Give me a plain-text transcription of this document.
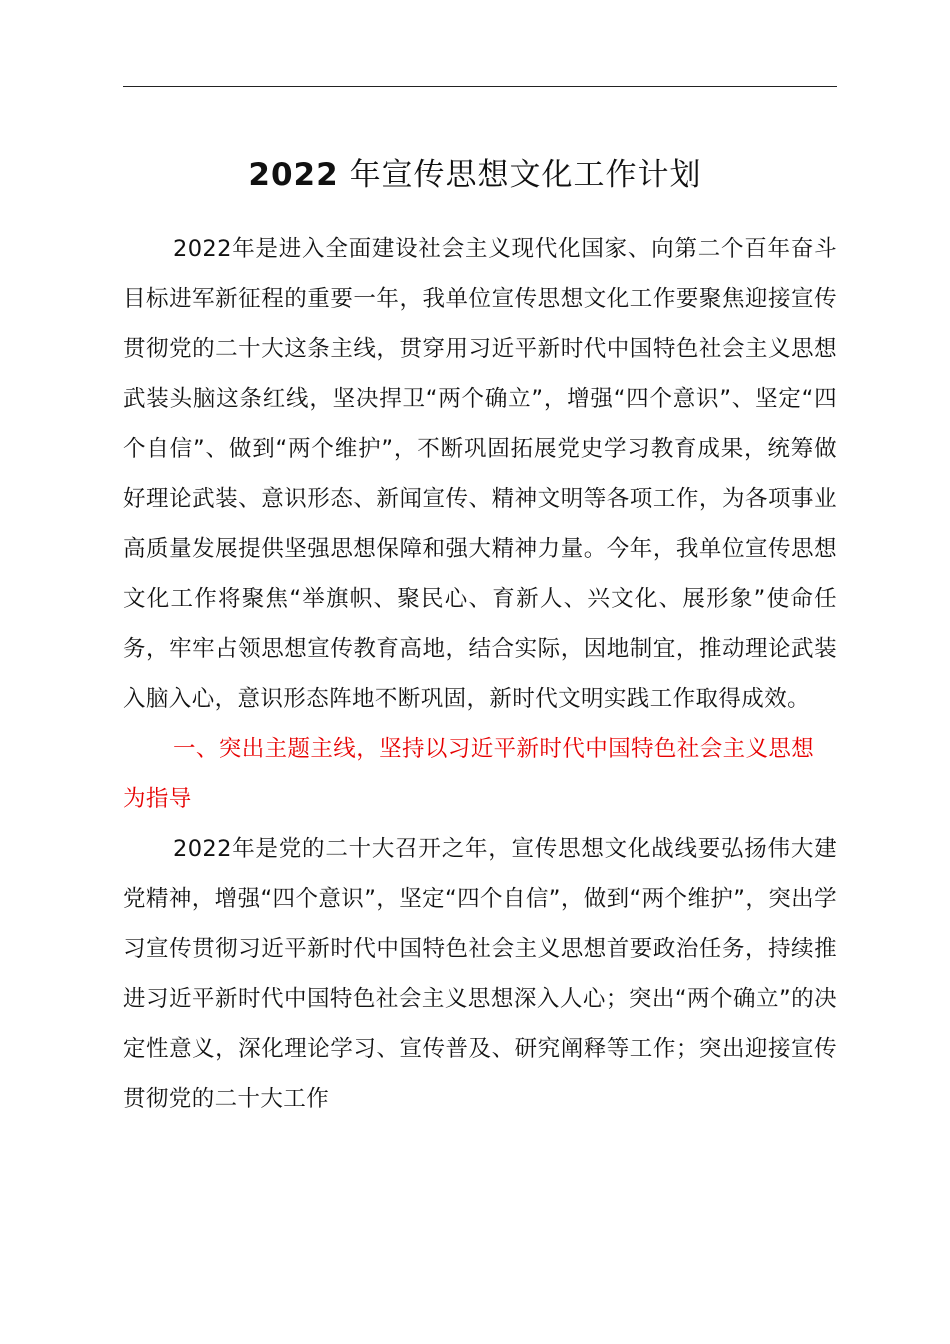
2022 年宣传思想文化工作计划

2022年是进入全面建设社会主义现代化国家、向第二个百年奋斗目标进军新征程的重要一年，我单位宣传思想文化工作要聚焦迎接宣传贯彻党的二十大这条主线，贯穿用习近平新时代中国特色社会主义思想武装头脑这条红线，坚决捍卫“两个确立”，增强“四个意识”、坚定“四个自信”、做到“两个维护”，不断巩固拓展党史学习教育成果，统筹做好理论武装、意识形态、新闻宣传、精神文明等各项工作，为各项事业高质量发展提供坚强思想保障和强大精神力量。今年，我单位宣传思想文化工作将聚焦“举旗帜、聚民心、育新人、兴文化、展形象”使命任务，牢牢占领思想宣传教育高地，结合实际，因地制宜，推动理论武装入脑入心，意识形态阵地不断巩固，新时代文明实践工作取得成效。

一、突出主题主线，坚持以习近平新时代中国特色社会主义思想为指导

2022年是党的二十大召开之年，宣传思想文化战线要弘扬伟大建党精神，增强“四个意识”，坚定“四个自信”，做到“两个维护”，突出学习宣传贯彻习近平新时代中国特色社会主义思想首要政治任务，持续推进习近平新时代中国特色社会主义思想深入人心；突出“两个确立”的决定性意义，深化理论学习、宣传普及、研究阐释等工作；突出迎接宣传贯彻党的二十大工作
